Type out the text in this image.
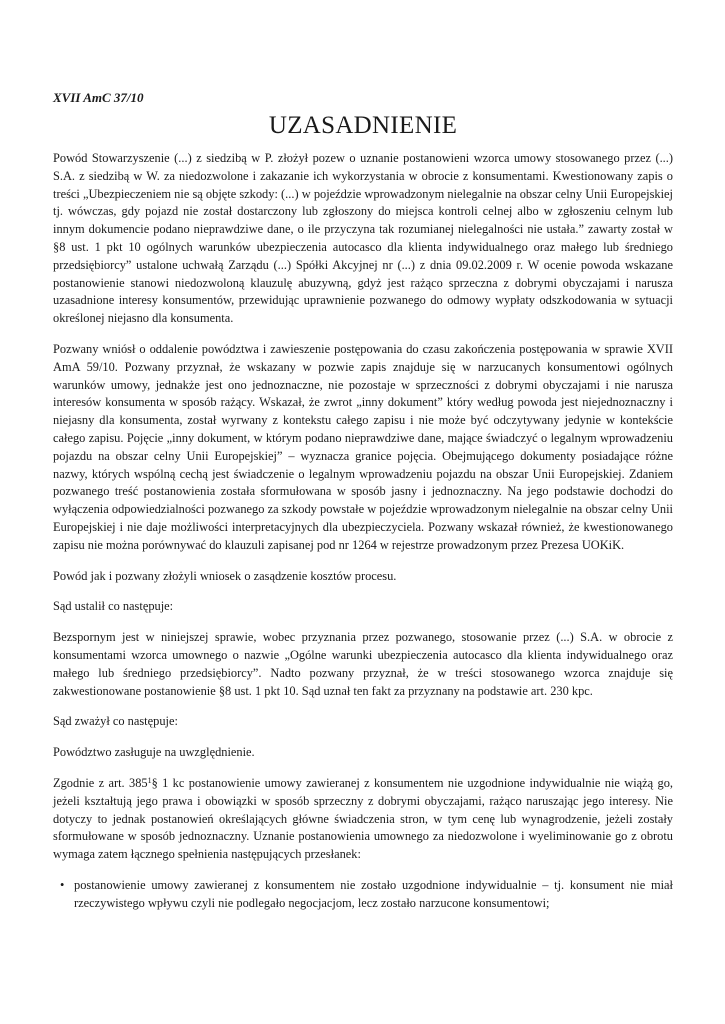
XVII AmC 37/10
UZASADNIENIE

Powód Stowarzyszenie (...) z siedzibą w P. złożył pozew o uznanie postanowieni wzorca umowy stosowanego przez (...) S.A. z siedzibą w W. za niedozwolone i zakazanie ich wykorzystania w obrocie z konsumentami. Kwestionowany zapis o treści „Ubezpieczeniem nie są objęte szkody: (...) w pojeździe wprowadzonym nielegalnie na obszar celny Unii Europejskiej tj. wówczas, gdy pojazd nie został dostarczony lub zgłoszony do miejsca kontroli celnej albo w zgłoszeniu celnym lub innym dokumencie podano nieprawdziwe dane, o ile przyczyna tak rozumianej nielegalności nie ustała.” zawarty został w §8 ust. 1 pkt 10 ogólnych warunków ubezpieczenia autocasco dla klienta indywidualnego oraz małego lub średniego przedsiębiorcy” ustalone uchwałą Zarządu (...) Spółki Akcyjnej nr (...) z dnia 09.02.2009 r. W ocenie powoda wskazane postanowienie stanowi niedozwoloną klauzulę abuzywną, gdyż jest rażąco sprzeczna z dobrymi obyczajami i narusza uzasadnione interesy konsumentów, przewidując uprawnienie pozwanego do odmowy wypłaty odszkodowania w sytuacji określonej niejasno dla konsumenta.

Pozwany wniósł o oddalenie powództwa i zawieszenie postępowania do czasu zakończenia postępowania w sprawie XVII AmA 59/10. Pozwany przyznał, że wskazany w pozwie zapis znajduje się w narzucanych konsumentowi ogólnych warunków umowy, jednakże jest ono jednoznaczne, nie pozostaje w sprzeczności z dobrymi obyczajami i nie narusza interesów konsumenta w sposób rażący. Wskazał, że zwrot „inny dokument” który według powoda jest niejednoznaczny i niejasny dla konsumenta, został wyrwany z kontekstu całego zapisu i nie może być odczytywany jedynie w kontekście całego zapisu. Pojęcie „inny dokument, w którym podano nieprawdziwe dane, mające świadczyć o legalnym wprowadzeniu pojazdu na obszar celny Unii Europejskiej” – wyznacza granice pojęcia. Obejmującego dokumenty posiadające różne nazwy, których wspólną cechą jest świadczenie o legalnym wprowadzeniu pojazdu na obszar Unii Europejskiej. Zdaniem pozwanego treść postanowienia została sformułowana w sposób jasny i jednoznaczny. Na jego podstawie dochodzi do wyłączenia odpowiedzialności pozwanego za szkody powstałe w pojeździe wprowadzonym nielegalnie na obszar celny Unii Europejskiej i nie daje możliwości interpretacyjnych dla ubezpieczyciela. Pozwany wskazał również, że kwestionowanego zapisu nie można porównywać do klauzuli zapisanej pod nr 1264 w rejestrze prowadzonym przez Prezesa UOKiK.

Powód jak i pozwany złożyli wniosek o zasądzenie kosztów procesu.

Sąd ustalił co następuje:

Bezspornym jest w niniejszej sprawie, wobec przyznania przez pozwanego, stosowanie przez (...) S.A. w obrocie z konsumentami wzorca umownego o nazwie „Ogólne warunki ubezpieczenia autocasco dla klienta indywidualnego oraz małego lub średniego przedsiębiorcy”. Nadto pozwany przyznał, że w treści stosowanego wzorca znajduje się zakwestionowane postanowienie §8 ust. 1 pkt 10. Sąd uznał ten fakt za przyznany na podstawie art. 230 kpc.

Sąd zważył co następuje:

Powództwo zasługuje na uwzględnienie.

Zgodnie z art. $385^1\S$ 1 kc postanowienie umowy zawieranej z konsumentem nie uzgodnione indywidualnie nie wiążą go, jeżeli kształtują jego prawa i obowiązki w sposób sprzeczny z dobrymi obyczajami, rażąco naruszając jego interesy. Nie dotyczy to jednak postanowień określających główne świadczenia stron, w tym cenę lub wynagrodzenie, jeżeli zostały sformułowane w sposób jednoznaczny. Uznanie postanowienia umownego za niedozwolone i wyeliminowanie go z obrotu wymaga zatem łącznego spełnienia następujących przesłanek:

• postanowienie umowy zawieranej z konsumentem nie zostało uzgodnione indywidualnie – tj. konsument nie miał rzeczywistego wpływu czyli nie podlegało negocjacjom, lecz zostało narzucone konsumentowi;
